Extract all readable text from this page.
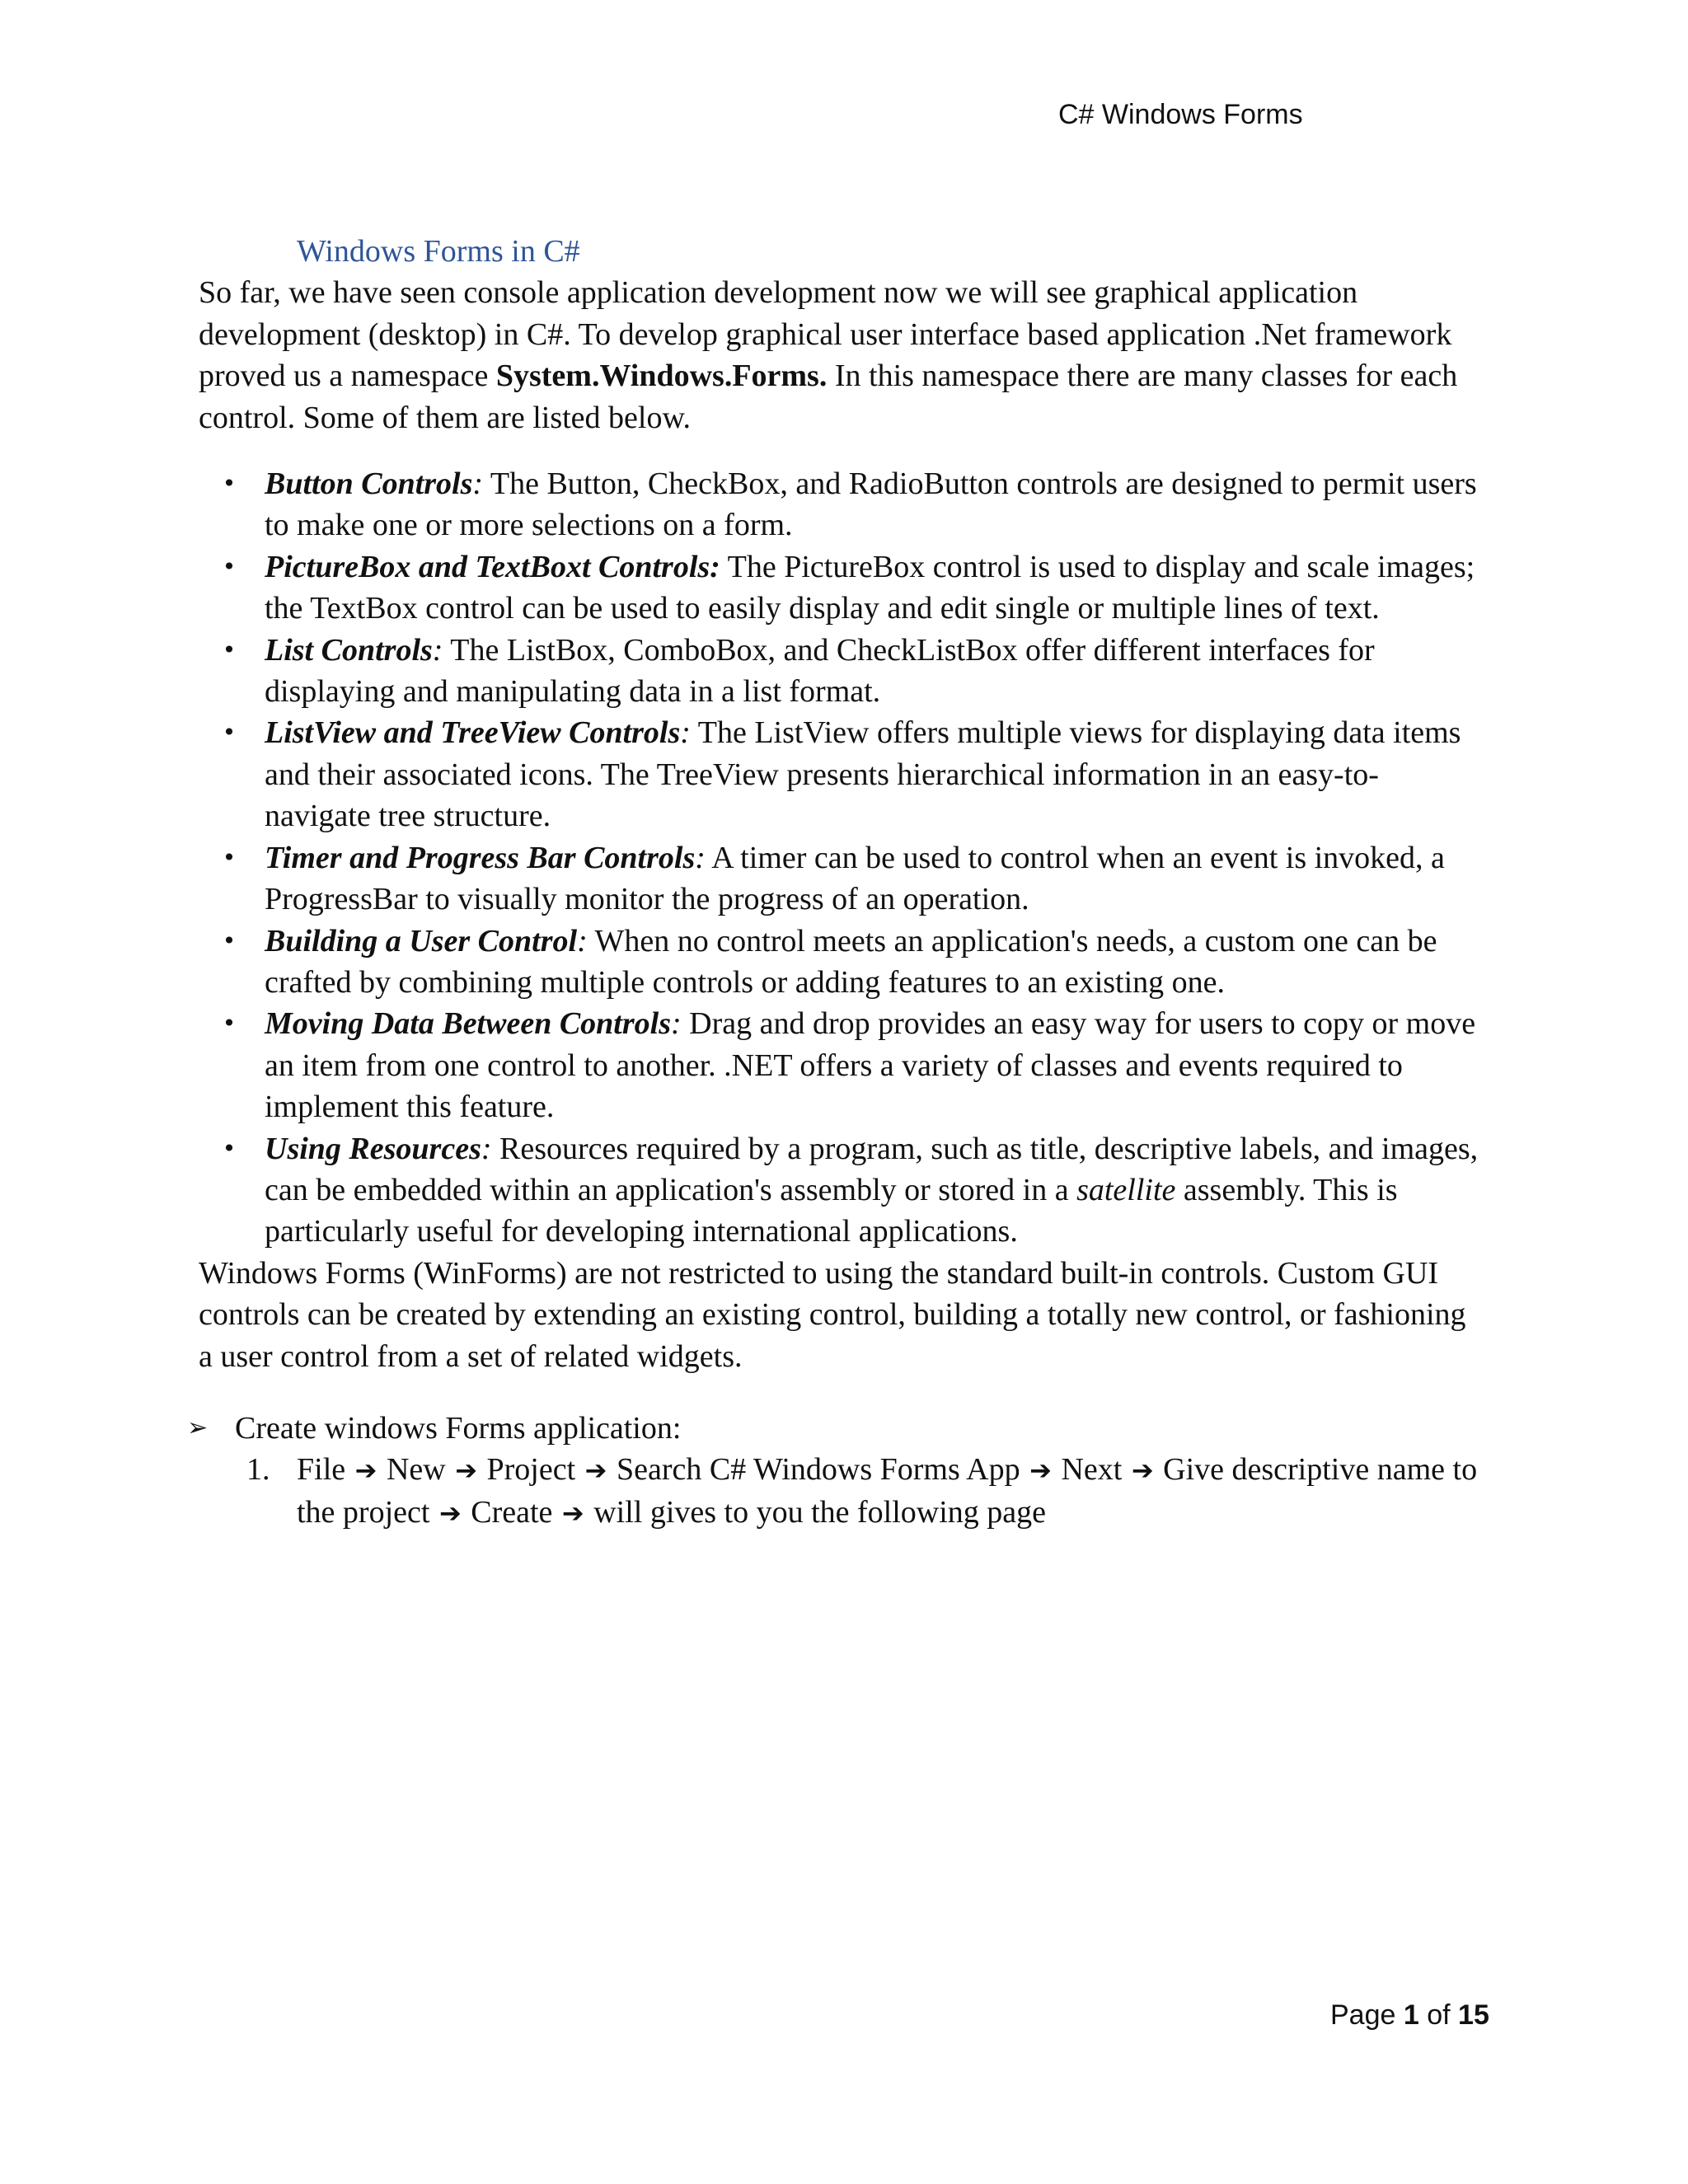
C# Windows Forms
Windows Forms in C#

So far, we have seen console application development now we will see graphical application development (desktop) in C#. To develop graphical user interface based application .Net framework proved us a namespace System.Windows.Forms. In this namespace there are many classes for each control. Some of them are listed below.

• Button Controls: The Button, CheckBox, and RadioButton controls are designed to permit users to make one or more selections on a form.
• PictureBox and TextBoxt Controls: The PictureBox control is used to display and scale images; the TextBox control can be used to easily display and edit single or multiple lines of text.
• List Controls: The ListBox, ComboBox, and CheckListBox offer different interfaces for displaying and manipulating data in a list format.
• ListView and TreeView Controls: The ListView offers multiple views for displaying data items and their associated icons. The TreeView presents hierarchical information in an easy-to-navigate tree structure.
• Timer and Progress Bar Controls: A timer can be used to control when an event is invoked, a ProgressBar to visually monitor the progress of an operation.
• Building a User Control: When no control meets an application's needs, a custom one can be crafted by combining multiple controls or adding features to an existing one.
• Moving Data Between Controls: Drag and drop provides an easy way for users to copy or move an item from one control to another. .NET offers a variety of classes and events required to implement this feature.
• Using Resources: Resources required by a program, such as title, descriptive labels, and images, can be embedded within an application's assembly or stored in a satellite assembly. This is particularly useful for developing international applications.

Windows Forms (WinForms) are not restricted to using the standard built-in controls. Custom GUI controls can be created by extending an existing control, building a totally new control, or fashioning a user control from a set of related widgets.

➢ Create windows Forms application:

1. File ➔ New ➔ Project ➔ Search C# Windows Forms App ➔ Next ➔ Give descriptive name to the project ➔ Create ➔ will gives to you the following page

Page 1 of 15
